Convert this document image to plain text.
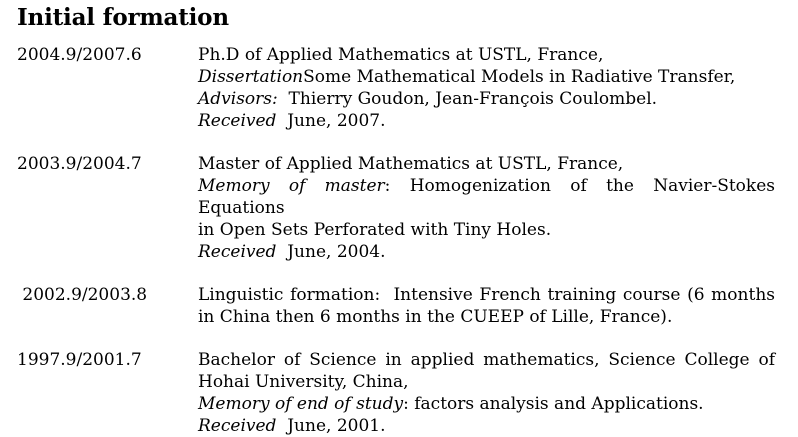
Initial formation
2004.9/2007.6	Ph.D of Applied Mathematics at USTL, France,
DissertationSome Mathematical Models in Radiative Transfer,
Advisors:  Thierry Goudon, Jean-François Coulombel.
Received  June, 2007.
2003.9/2004.7	Master of Applied Mathematics at USTL, France,
Memory of master: Homogenization of the Navier-Stokes Equations
in Open Sets Perforated with Tiny Holes.
Received  June, 2004.
2002.9/2003.8	Linguistic formation:  Intensive French training course (6 months
in China then 6 months in the CUEEP of Lille, France).
1997.9/2001.7	Bachelor of Science in applied mathematics, Science College of
Hohai University, China,
Memory of end of study: factors analysis and Applications.
Received  June, 2001.
